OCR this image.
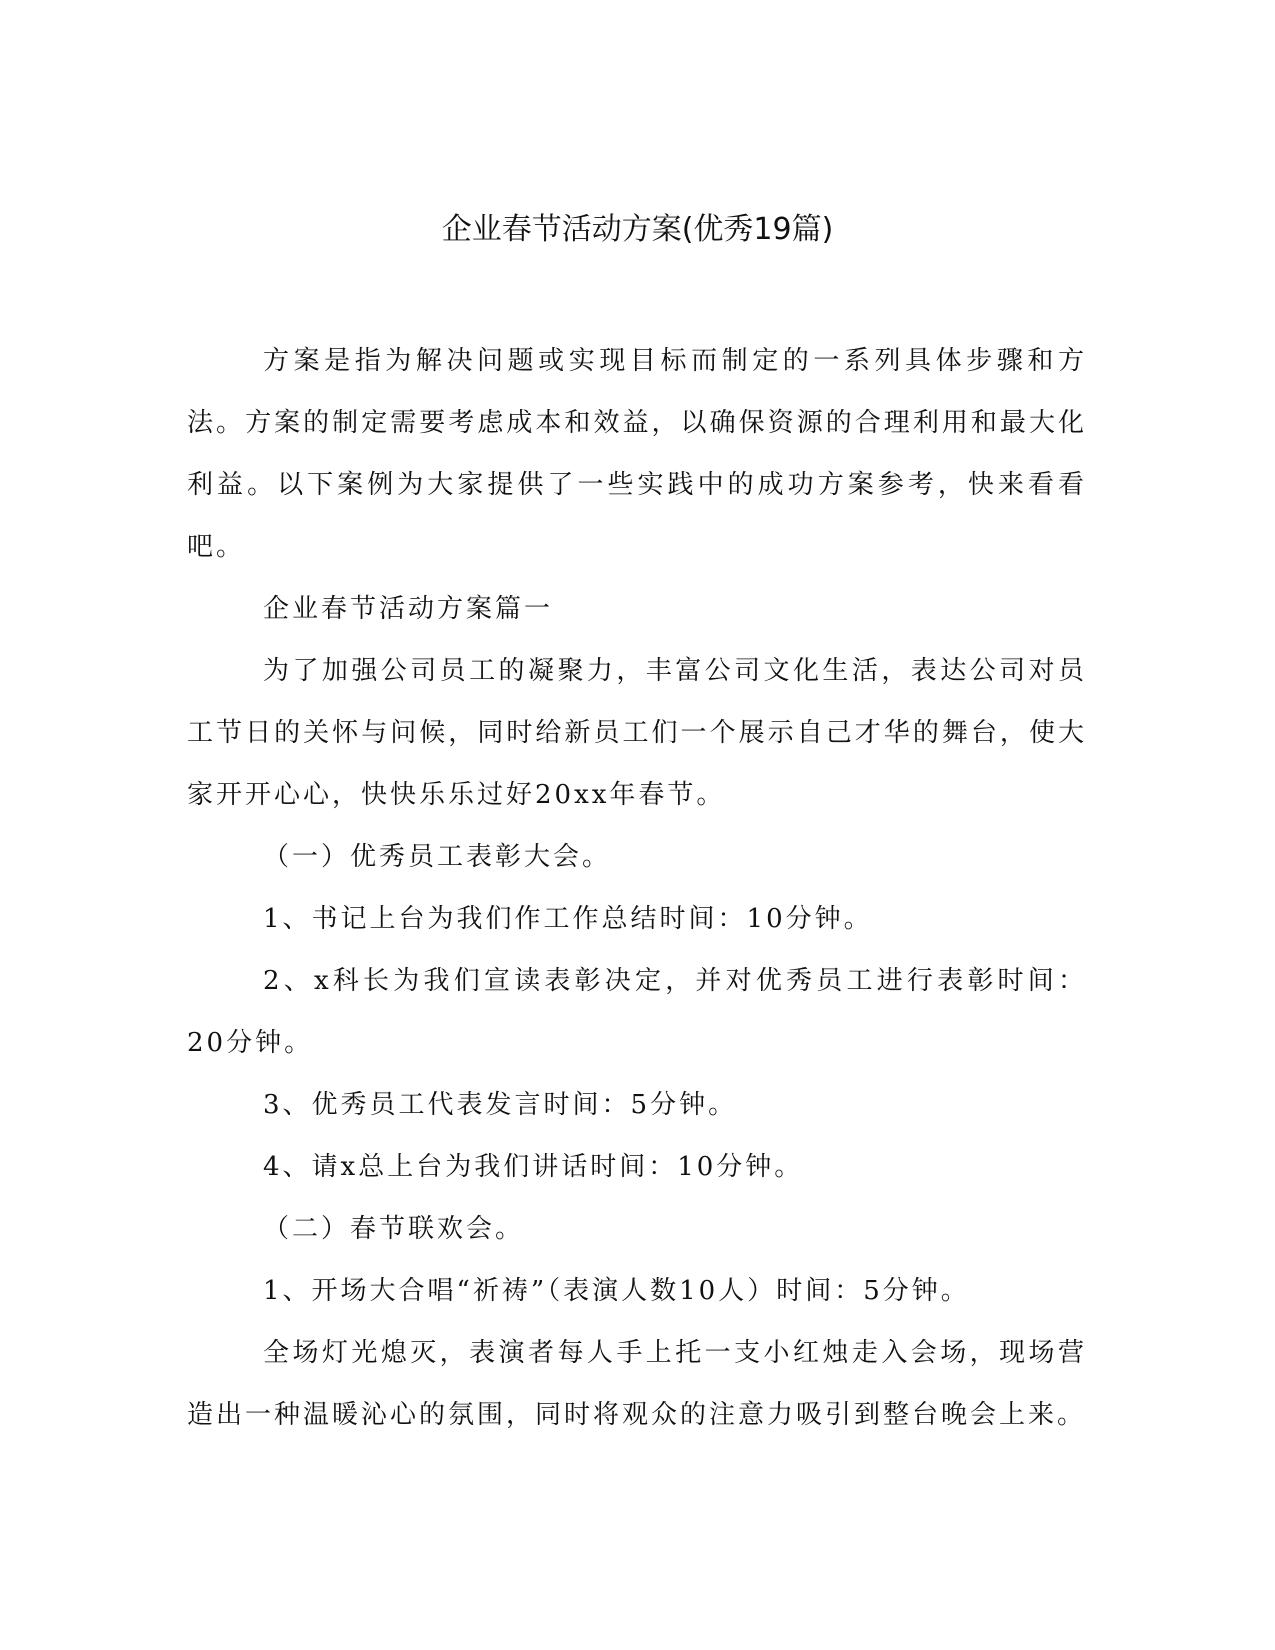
企业春节活动方案(优秀19篇)

方案是指为解决问题或实现目标而制定的一系列具体步骤和方法。方案的制定需要考虑成本和效益，以确保资源的合理利用和最大化利益。以下案例为大家提供了一些实践中的成功方案参考，快来看看吧。

企业春节活动方案篇一

为了加强公司员工的凝聚力，丰富公司文化生活，表达公司对员工节日的关怀与问候，同时给新员工们一个展示自己才华的舞台，使大家开开心心，快快乐乐过好20xx年春节。

（一）优秀员工表彰大会。

1、书记上台为我们作工作总结时间：10分钟。

2、x科长为我们宣读表彰决定，并对优秀员工进行表彰时间：20分钟。

3、优秀员工代表发言时间：5分钟。

4、请x总上台为我们讲话时间：10分钟。

（二）春节联欢会。

1、开场大合唱“祈祷”（表演人数10人）时间：5分钟。

全场灯光熄灭，表演者每人手上托一支小红烛走入会场，现场营造出一种温暖沁心的氛围，同时将观众的注意力吸引到整台晚会上来。
